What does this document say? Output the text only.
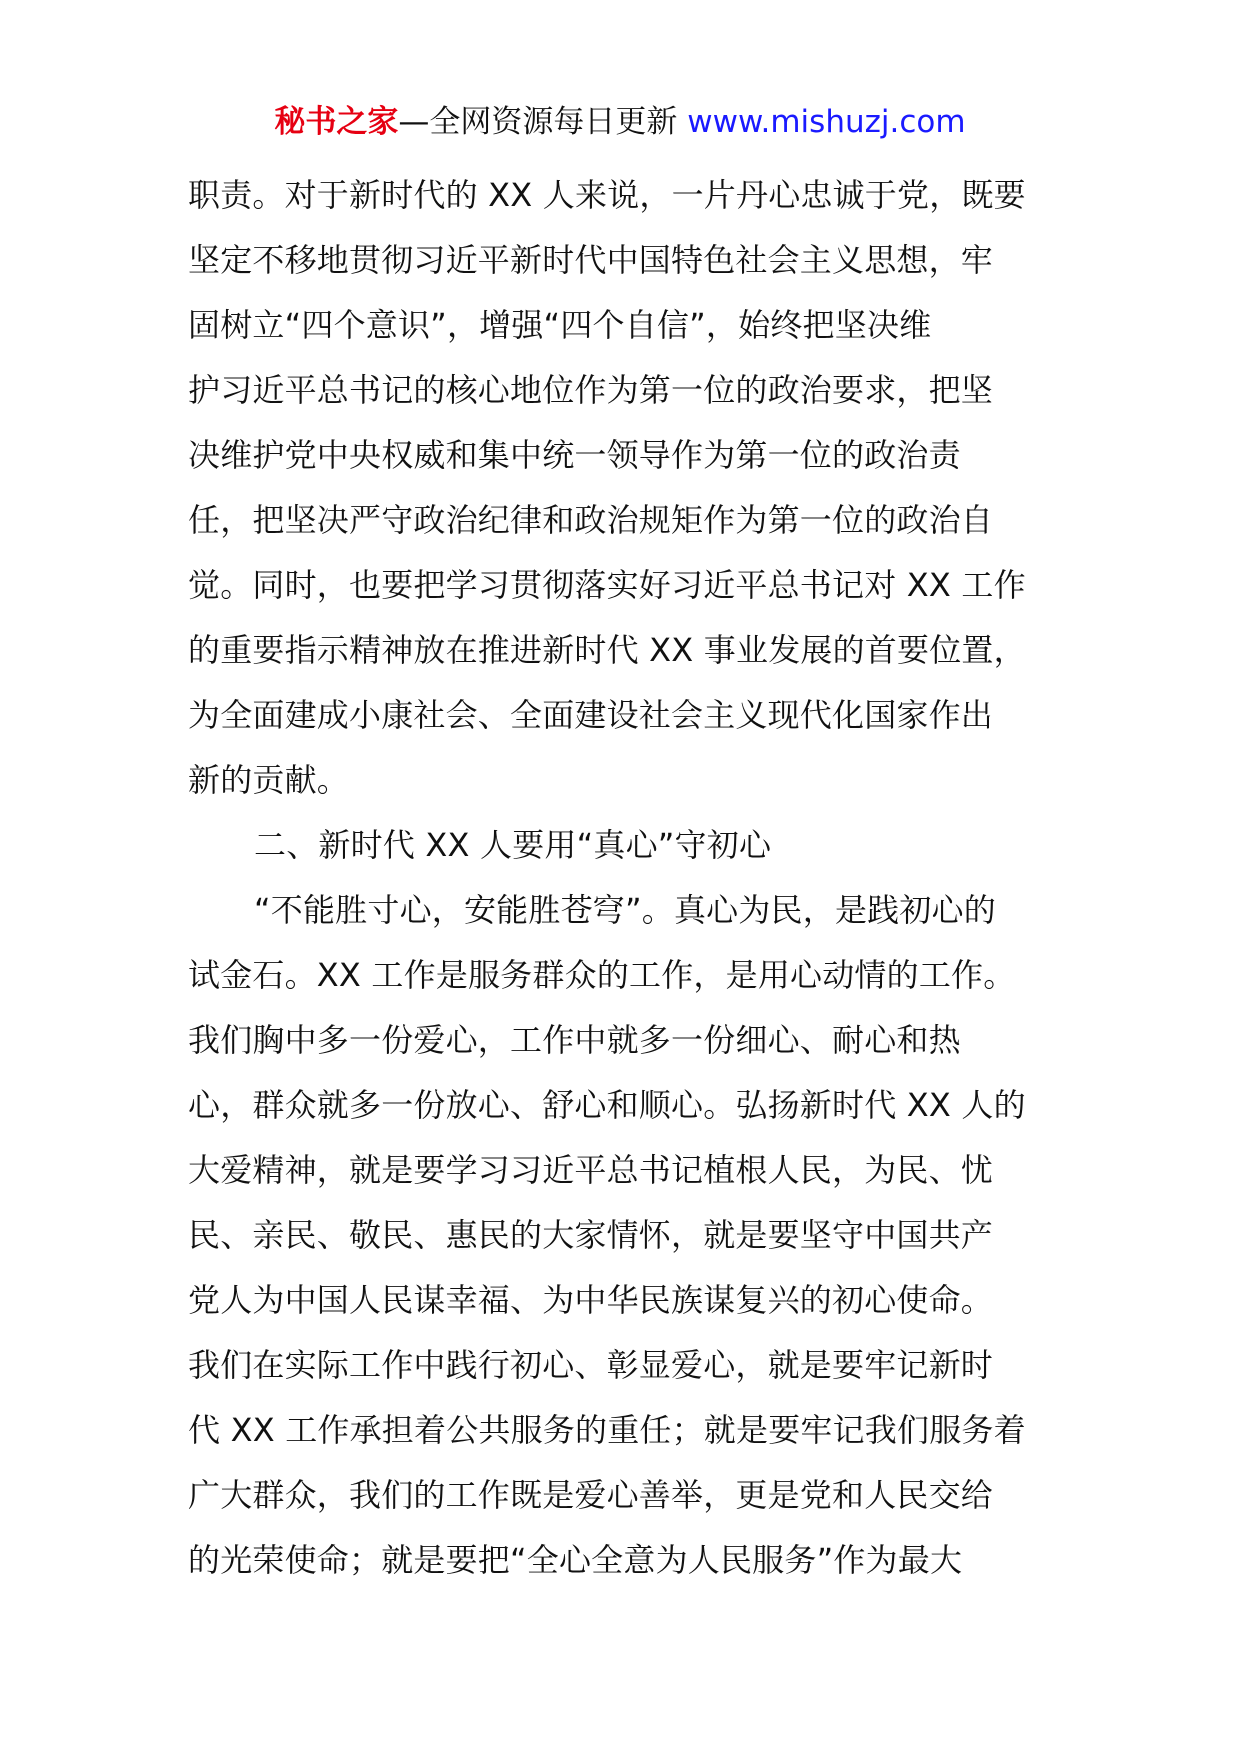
秘书之家—全网资源每日更新 www.mishuzj.com
职责。对于新时代的 XX 人来说，一片丹心忠诚于党，既要
坚定不移地贯彻习近平新时代中国特色社会主义思想，牢
固树立“四个意识”，增强“四个自信”，始终把坚决维
护习近平总书记的核心地位作为第一位的政治要求，把坚
决维护党中央权威和集中统一领导作为第一位的政治责
任，把坚决严守政治纪律和政治规矩作为第一位的政治自
觉。同时，也要把学习贯彻落实好习近平总书记对 XX 工作
的重要指示精神放在推进新时代 XX 事业发展的首要位置，
为全面建成小康社会、全面建设社会主义现代化国家作出
新的贡献。
二、新时代 XX 人要用“真心”守初心
“不能胜寸心，安能胜苍穹”。真心为民，是践初心的
试金石。XX 工作是服务群众的工作，是用心动情的工作。
我们胸中多一份爱心，工作中就多一份细心、耐心和热
心，群众就多一份放心、舒心和顺心。弘扬新时代 XX 人的
大爱精神，就是要学习习近平总书记植根人民，为民、忧
民、亲民、敬民、惠民的大家情怀，就是要坚守中国共产
党人为中国人民谋幸福、为中华民族谋复兴的初心使命。
我们在实际工作中践行初心、彰显爱心，就是要牢记新时
代 XX 工作承担着公共服务的重任；就是要牢记我们服务着
广大群众，我们的工作既是爱心善举，更是党和人民交给
的光荣使命；就是要把“全心全意为人民服务”作为最大
